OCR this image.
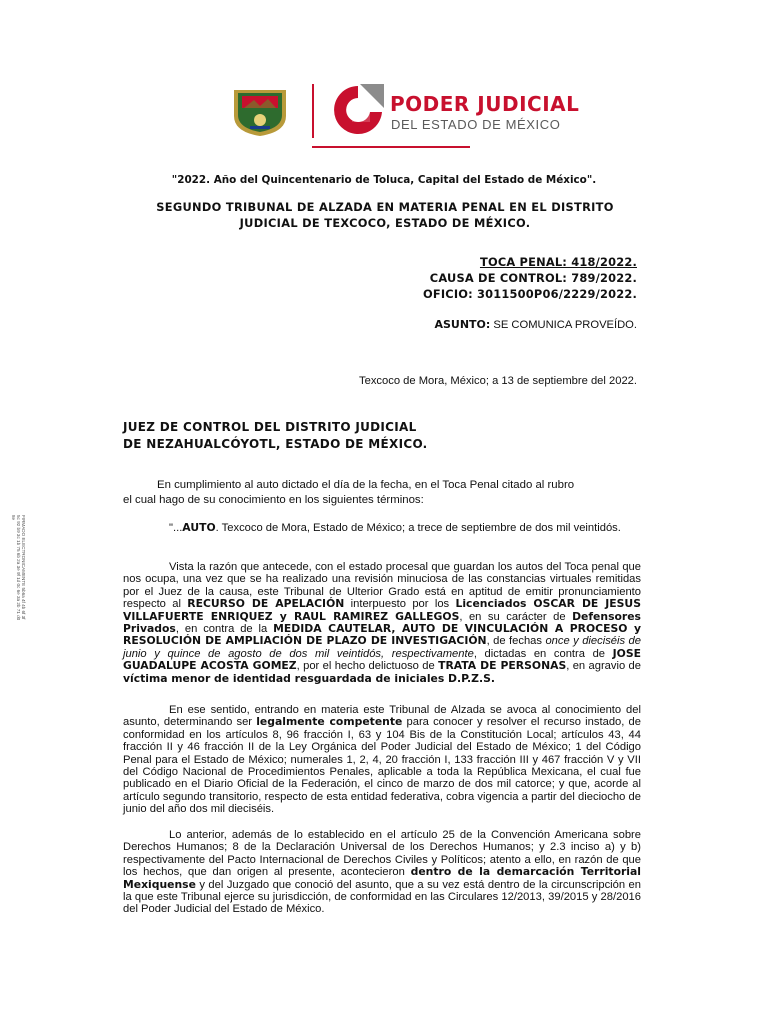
PODER JUDICIAL
DEL ESTADO DE MÉXICO
"2022. Año del Quincentenario de Toluca, Capital del Estado de México".
SEGUNDO TRIBUNAL DE ALZADA EN MATERIA PENAL EN EL DISTRITO
JUDICIAL DE TEXCOCO, ESTADO DE MÉXICO.
TOCA PENAL: 418/2022.
CAUSA DE CONTROL: 789/2022.
OFICIO: 3011500P06/2229/2022.
ASUNTO: SE COMUNICA PROVEÍDO.
Texcoco de Mora, México; a 13 de septiembre del 2022.
JUEZ DE CONTROL DEL DISTRITO JUDICIAL
DE NEZAHUALCÓYOTL, ESTADO DE MÉXICO.
En cumplimiento al auto dictado el día de la fecha, en el Toca Penal citado al rubro
el cual hago de su conocimiento en los siguientes términos:
"...AUTO. Texcoco de Mora, Estado de México; a trece de septiembre de dos mil veintidós.
Vista la razón que antecede, con el estado procesal que guardan los autos del Toca penal que nos ocupa, una vez que se ha realizado una revisión minuciosa de las constancias virtuales remitidas por el Juez de la causa, este Tribunal de Ulterior Grado está en aptitud de emitir pronunciamiento respecto al RECURSO DE APELACIÓN interpuesto por los Licenciados OSCAR DE JESUS VILLAFUERTE ENRIQUEZ y RAUL RAMIREZ GALLEGOS, en su carácter de Defensores Privados, en contra de la MEDIDA CAUTELAR, AUTO DE VINCULACIÓN A PROCESO y RESOLUCIÓN DE AMPLIACIÓN DE PLAZO DE INVESTIGACIÓN, de fechas once y dieciséis de junio y quince de agosto de dos mil veintidós, respectivamente, dictadas en contra de JOSE GUADALUPE ACOSTA GOMEZ, por el hecho delictuoso de TRATA DE PERSONAS, en agravio de víctima menor de identidad resguardada de iniciales D.P.Z.S.
En ese sentido, entrando en materia este Tribunal de Alzada se avoca al conocimiento del asunto, determinando ser legalmente competente para conocer y resolver el recurso instado, de conformidad en los artículos 8, 96 fracción I, 63 y 104 Bis de la Constitución Local; artículos 43, 44 fracción II y 46 fracción II de la Ley Orgánica del Poder Judicial del Estado de México; 1 del Código Penal para el Estado de México; numerales 1, 2, 4, 20 fracción I, 133 fracción III y 467 fracción V y VII del Código Nacional de Procedimientos Penales, aplicable a toda la República Mexicana, el cual fue publicado en el Diario Oficial de la Federación, el cinco de marzo de dos mil catorce; y que, acorde al artículo segundo transitorio, respecto de esta entidad federativa, cobra vigencia a partir del dieciocho de junio del año dos mil dieciséis.
Lo anterior, además de lo establecido en el artículo 25 de la Convención Americana sobre Derechos Humanos; 8 de la Declaración Universal de los Derechos Humanos; y 2.3 inciso a) y b) respectivamente del Pacto Internacional de Derechos Civiles y Políticos; atento a ello, en razón de que los hechos, que dan origen al presente, acontecieron dentro de la demarcación Territorial Mexiquense y del Juzgado que conoció del asunto, que a su vez está dentro de la circunscripción en la que este Tribunal ejerce su jurisdicción, de conformidad en las Circulares 12/2013, 39/2015 y 28/2016 del Poder Judicial del Estado de México.
FIRMADO ELECTRONICAMENTE 5b6a 4f 4b 6f 3f 5c 92 b9 3c 1b 75 6b 2a 3e 9f 1d 0c 6e 3a 2b 71 d0 8e
